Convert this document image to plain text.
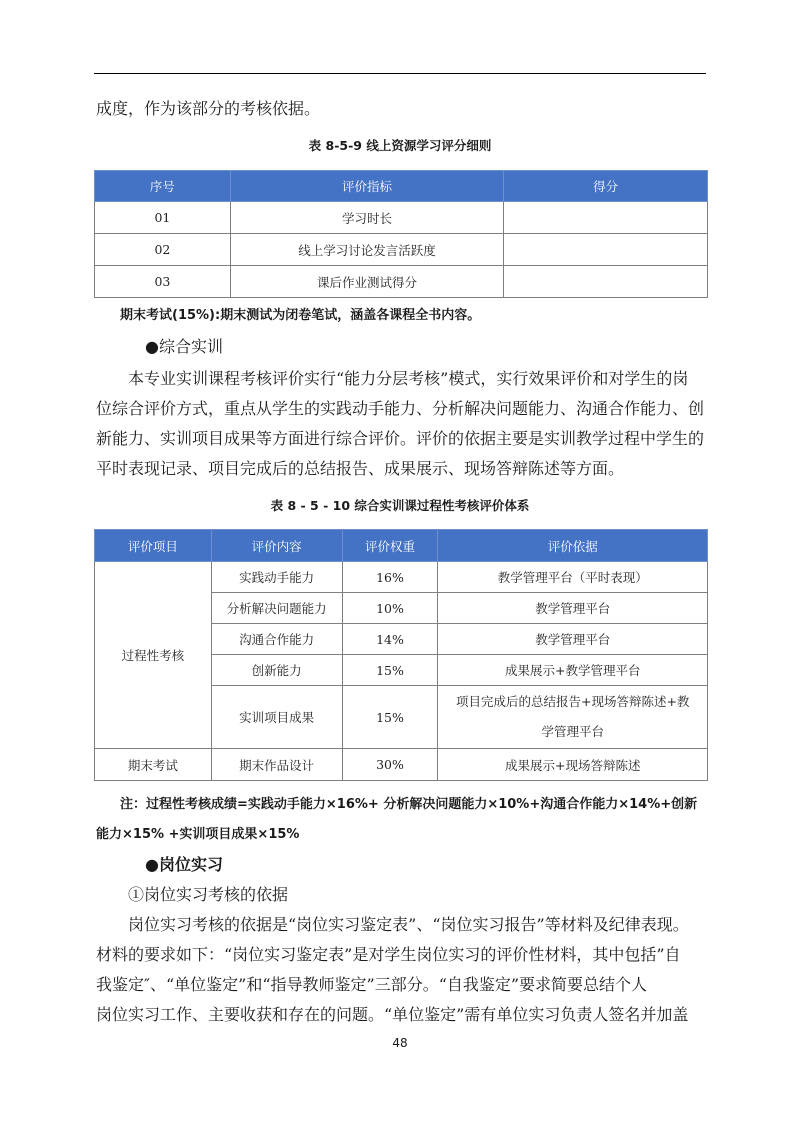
成度，作为该部分的考核依据。

表 8-5-9 线上资源学习评分细则
序号	评价指标	得分
01	学习时长	
02	线上学习讨论发言活跃度	
03	课后作业测试得分	
期末考试(15%):期末测试为闭卷笔试，涵盖各课程全书内容。
●综合实训
本专业实训课程考核评价实行“能力分层考核”模式，实行效果评价和对学生的岗
位综合评价方式，重点从学生的实践动手能力、分析解决问题能力、沟通合作能力、创
新能力、实训项目成果等方面进行综合评价。评价的依据主要是实训教学过程中学生的
平时表现记录、项目完成后的总结报告、成果展示、现场答辩陈述等方面。
表 8 - 5 - 10 综合实训课过程性考核评价体系
评价项目	评价内容	评价权重	评价依据
过程性考核	实践动手能力	16%	教学管理平台（平时表现）
	分析解决问题能力	10%	教学管理平台
	沟通合作能力	14%	教学管理平台
	创新能力	15%	成果展示+教学管理平台
	实训项目成果	15%	项目完成后的总结报告+现场答辩陈述+教
学管理平台
期末考试	期末作品设计	30%	成果展示+现场答辩陈述
注：过程性考核成绩=实践动手能力×16%+ 分析解决问题能力×10%+沟通合作能力×14%+创新
能力×15% +实训项目成果×15%
●岗位实习
①岗位实习考核的依据
岗位实习考核的依据是“岗位实习鉴定表”、“岗位实习报告”等材料及纪律表现。
材料的要求如下：“岗位实习鉴定表”是对学生岗位实习的评价性材料，其中包括”自
我鉴定″、“单位鉴定”和“指导教师鉴定”三部分。“自我鉴定”要求简要总结个人
岗位实习工作、主要收获和存在的问题。“单位鉴定”需有单位实习负责人签名并加盖
48
